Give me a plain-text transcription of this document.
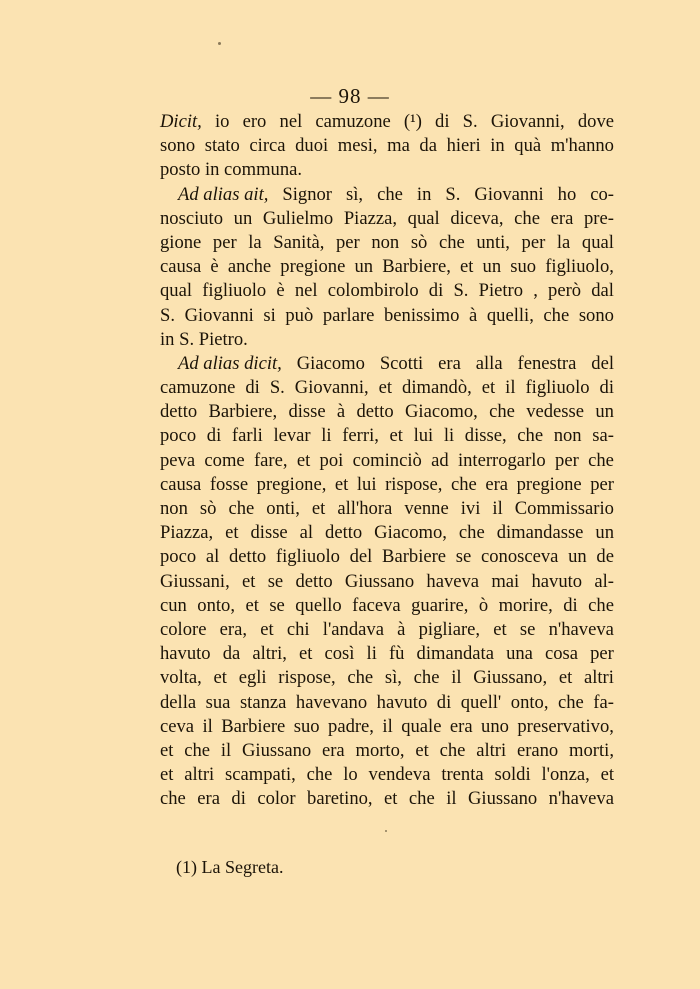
— 98 —
Dicit, io ero nel camuzone (¹) di S. Giovanni, dove
sono stato circa duoi mesi, ma da hieri in quà m'hanno
posto in communa.
Ad alias ait, Signor sì, che in S. Giovanni ho co-
nosciuto un Gulielmo Piazza, qual diceva, che era pre-
gione per la Sanità, per non sò che unti, per la qual
causa è anche pregione un Barbiere, et un suo figliuolo,
qual figliuolo è nel colombirolo di S. Pietro , però dal
S. Giovanni si può parlare benissimo à quelli, che sono
in S. Pietro.
Ad alias dicit, Giacomo Scotti era alla fenestra del
camuzone di S. Giovanni, et dimandò, et il figliuolo di
detto Barbiere, disse à detto Giacomo, che vedesse un
poco di farli levar li ferri, et lui li disse, che non sa-
peva come fare, et poi cominciò ad interrogarlo per che
causa fosse pregione, et lui rispose, che era pregione per
non sò che onti, et all'hora venne ivi il Commissario
Piazza, et disse al detto Giacomo, che dimandasse un
poco al detto figliuolo del Barbiere se conosceva un de
Giussani, et se detto Giussano haveva mai havuto al-
cun onto, et se quello faceva guarire, ò morire, di che
colore era, et chi l'andava à pigliare, et se n'haveva
havuto da altri, et così li fù dimandata una cosa per
volta, et egli rispose, che sì, che il Giussano, et altri
della sua stanza havevano havuto di quell' onto, che fa-
ceva il Barbiere suo padre, il quale era uno preservativo,
et che il Giussano era morto, et che altri erano morti,
et altri scampati, che lo vendeva trenta soldi l'onza, et
che era di color baretino, et che il Giussano n'haveva
(1) La Segreta.
